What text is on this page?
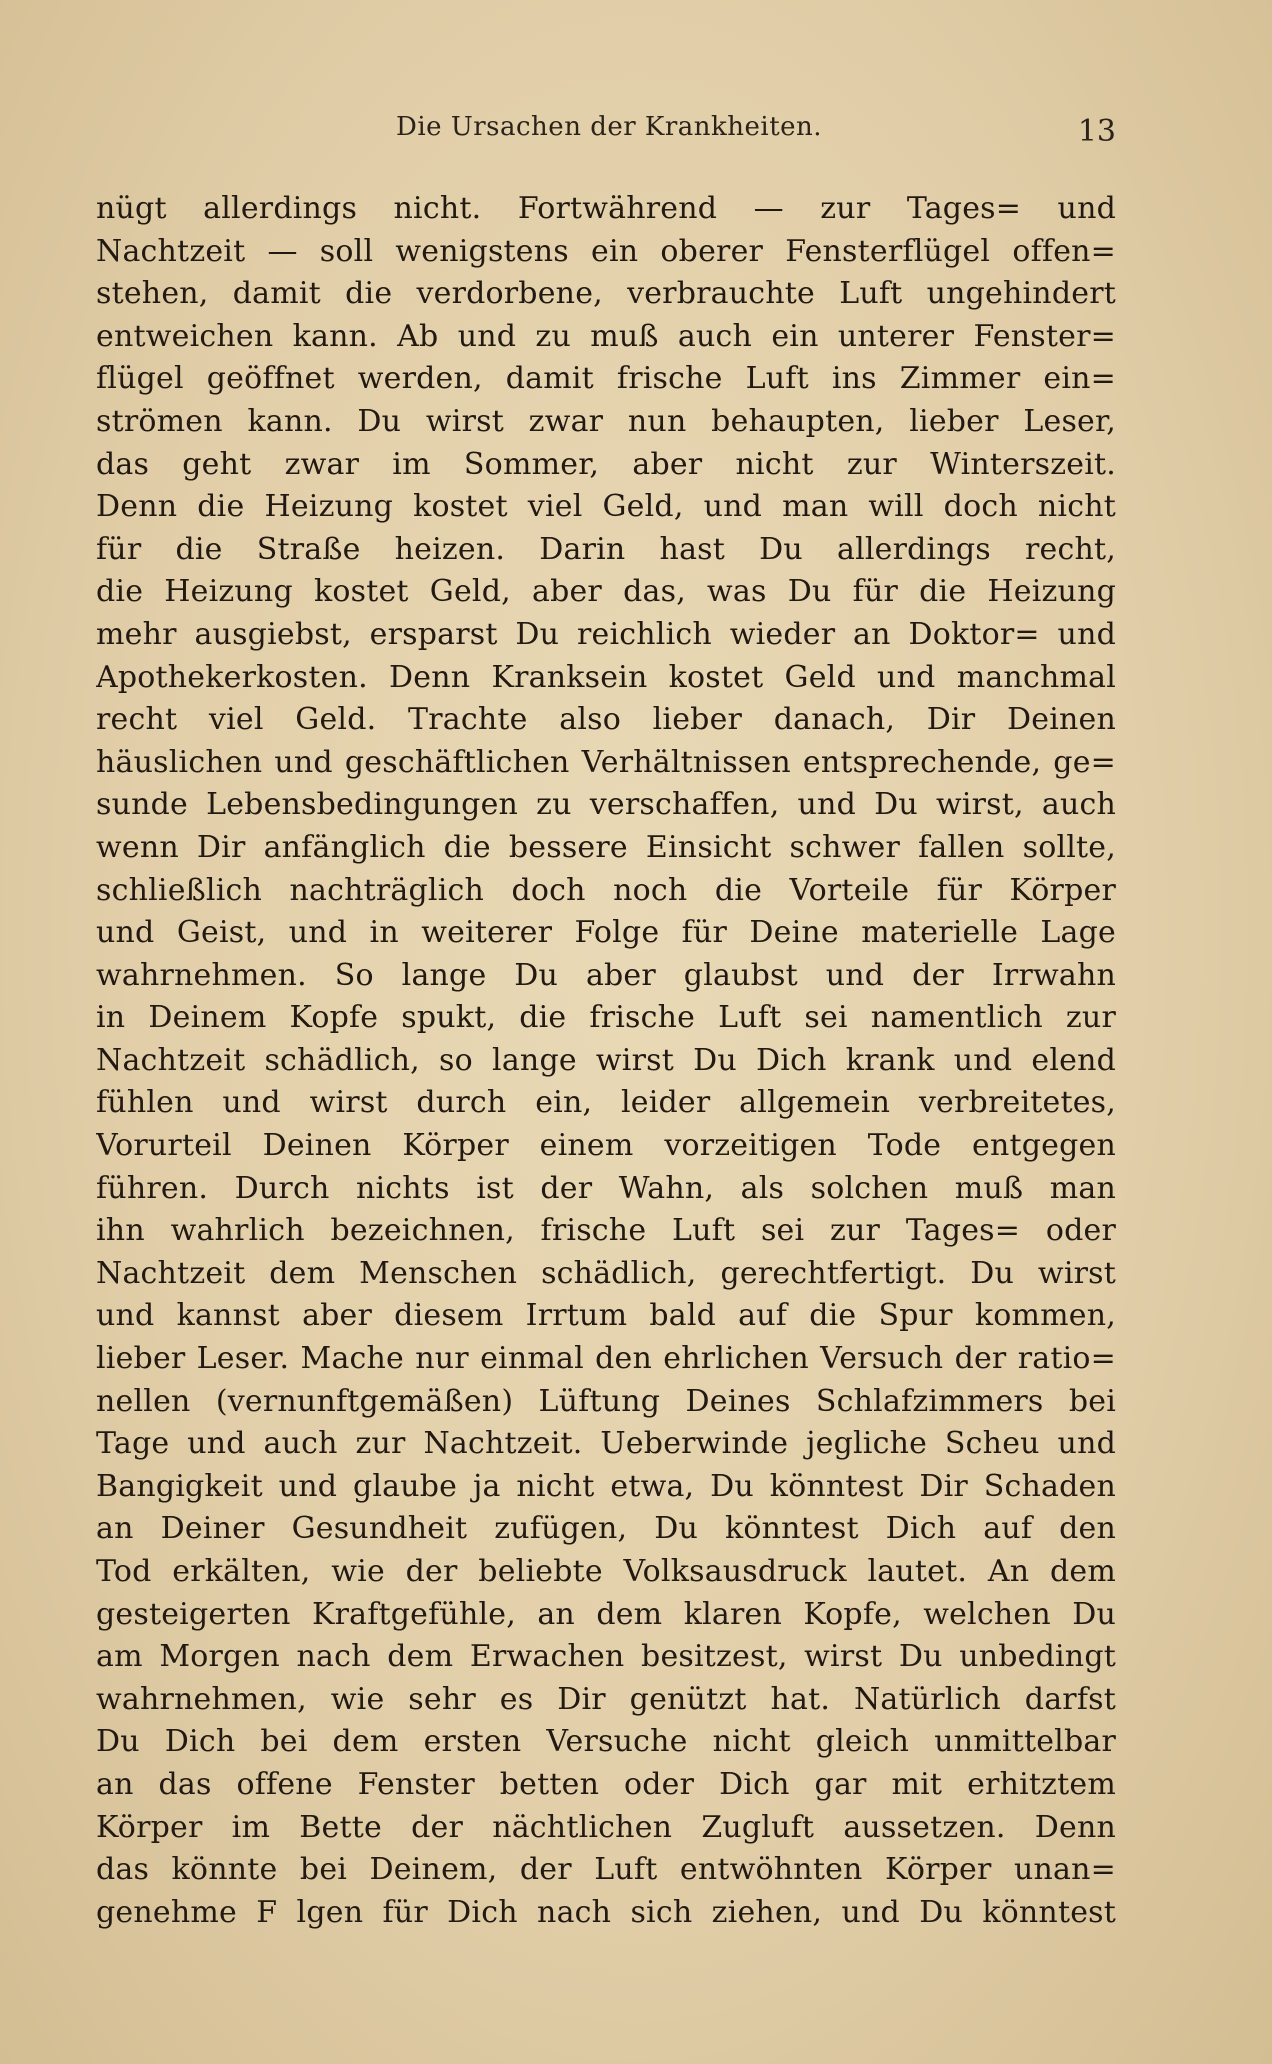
Die Ursachen der Krankheiten.	13
nügt allerdings nicht. Fortwährend — zur Tages= und
Nachtzeit — soll wenigstens ein oberer Fensterflügel offen=
stehen, damit die verdorbene, verbrauchte Luft ungehindert
entweichen kann. Ab und zu muß auch ein unterer Fenster=
flügel geöffnet werden, damit frische Luft ins Zimmer ein=
strömen kann. Du wirst zwar nun behaupten, lieber Leser,
das geht zwar im Sommer, aber nicht zur Winterszeit.
Denn die Heizung kostet viel Geld, und man will doch nicht
für die Straße heizen. Darin hast Du allerdings recht,
die Heizung kostet Geld, aber das, was Du für die Heizung
mehr ausgiebst, ersparst Du reichlich wieder an Doktor= und
Apothekerkosten. Denn Kranksein kostet Geld und manchmal
recht viel Geld. Trachte also lieber danach, Dir Deinen
häuslichen und geschäftlichen Verhältnissen entsprechende, ge=
sunde Lebensbedingungen zu verschaffen, und Du wirst, auch
wenn Dir anfänglich die bessere Einsicht schwer fallen sollte,
schließlich nachträglich doch noch die Vorteile für Körper
und Geist, und in weiterer Folge für Deine materielle Lage
wahrnehmen. So lange Du aber glaubst und der Irrwahn
in Deinem Kopfe spukt, die frische Luft sei namentlich zur
Nachtzeit schädlich, so lange wirst Du Dich krank und elend
fühlen und wirst durch ein, leider allgemein verbreitetes,
Vorurteil Deinen Körper einem vorzeitigen Tode entgegen
führen. Durch nichts ist der Wahn, als solchen muß man
ihn wahrlich bezeichnen, frische Luft sei zur Tages= oder
Nachtzeit dem Menschen schädlich, gerechtfertigt. Du wirst
und kannst aber diesem Irrtum bald auf die Spur kommen,
lieber Leser. Mache nur einmal den ehrlichen Versuch der ratio=
nellen (vernunftgemäßen) Lüftung Deines Schlafzimmers bei
Tage und auch zur Nachtzeit. Ueberwinde jegliche Scheu und
Bangigkeit und glaube ja nicht etwa, Du könntest Dir Schaden
an Deiner Gesundheit zufügen, Du könntest Dich auf den
Tod erkälten, wie der beliebte Volksausdruck lautet. An dem
gesteigerten Kraftgefühle, an dem klaren Kopfe, welchen Du
am Morgen nach dem Erwachen besitzest, wirst Du unbedingt
wahrnehmen, wie sehr es Dir genützt hat. Natürlich darfst
Du Dich bei dem ersten Versuche nicht gleich unmittelbar
an das offene Fenster betten oder Dich gar mit erhitztem
Körper im Bette der nächtlichen Zugluft aussetzen. Denn
das könnte bei Deinem, der Luft entwöhnten Körper unan=
genehme F lgen für Dich nach sich ziehen, und Du könntest
